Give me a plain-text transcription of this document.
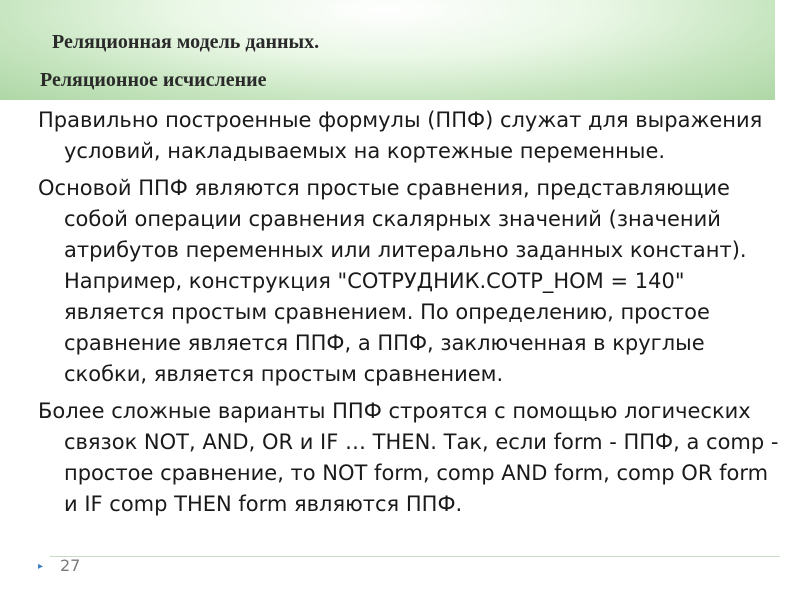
Реляционная модель данных.
Реляционное исчисление

Правильно построенные формулы (ППФ) служат для выражения условий, накладываемых на кортежные переменные.

Основой ППФ являются простые сравнения, представляющие собой операции сравнения скалярных значений (значений атрибутов переменных или литерально заданных констант). Например, конструкция "СОТРУДНИК.СОТР_НОМ = 140" является простым сравнением. По определению, простое сравнение является ППФ, а ППФ, заключенная в круглые скобки, является простым сравнением.

Более сложные варианты ППФ строятся с помощью логических связок NOT, AND, OR и IF … THEN. Так, если form - ППФ, а comp - простое сравнение, то NOT form, comp AND form, comp OR form и IF comp THEN form являются ППФ.

▸ 27
